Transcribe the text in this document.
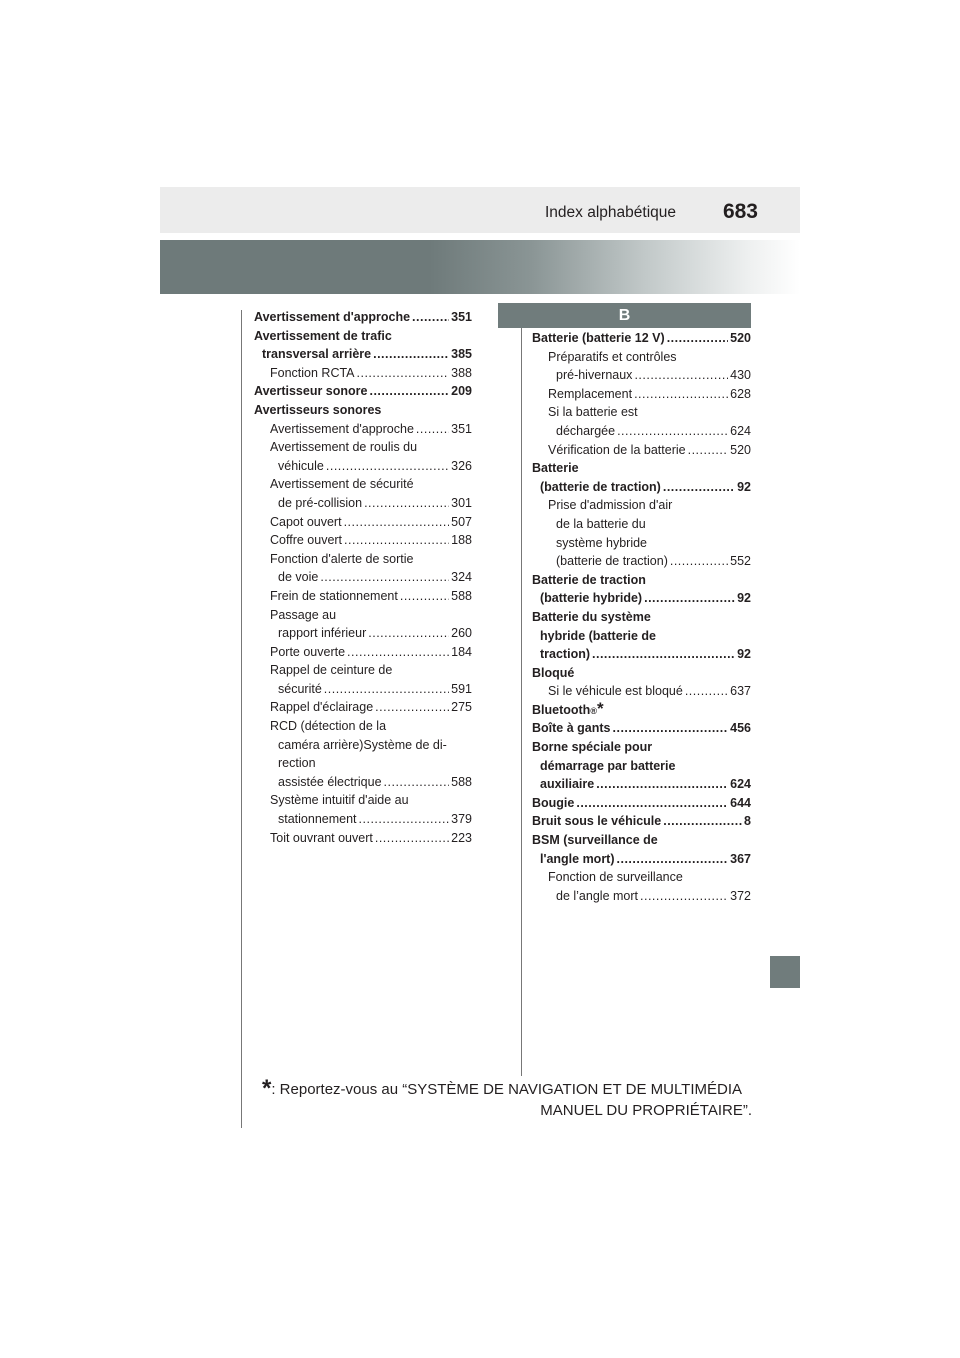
Index alphabétique	683
B
Avertissement d'approche .....	351
Avertissement de trafic
transversal arrière .....	385
Fonction RCTA .....	388
Avertisseur sonore .....	209
Avertisseurs sonores
Avertissement d'approche .....	351
Avertissement de roulis du
véhicule .....	326
Avertissement de sécurité
de pré-collision .....	301
Capot ouvert .....	507
Coffre ouvert .....	188
Fonction d'alerte de sortie
de voie .....	324
Frein de stationnement .....	588
Passage au
rapport inférieur .....	260
Porte ouverte .....	184
Rappel de ceinture de
sécurité .....	591
Rappel d'éclairage .....	275
RCD (détection de la
caméra arrière)Système de di-
rection
assistée électrique .....	588
Système intuitif d'aide au
stationnement .....	379
Toit ouvrant ouvert .....	223
Batterie (batterie 12 V) .....	520
Préparatifs et contrôles
pré-hivernaux .....	430
Remplacement .....	628
Si la batterie est
déchargée .....	624
Vérification de la batterie .....	520
Batterie
(batterie de traction) .....	92
Prise d'admission d'air
de la batterie du
système hybride
(batterie de traction) .....	552
Batterie de traction
(batterie hybride) .....	92
Batterie du système
hybride (batterie de
traction) .....	92
Bloqué
Si le véhicule est bloqué .....	637
Bluetooth ® *
Boîte à gants .....	456
Borne spéciale pour
démarrage par batterie
auxiliaire .....	624
Bougie .....	644
Bruit sous le véhicule .....	8
BSM (surveillance de
l'angle mort) .....	367
Fonction de surveillance
de l’angle mort .....	372
*: Reportez-vous au “SYSTÈME DE NAVIGATION ET DE MULTIMÉDIA
MANUEL DU PROPRIÉTAIRE”.
